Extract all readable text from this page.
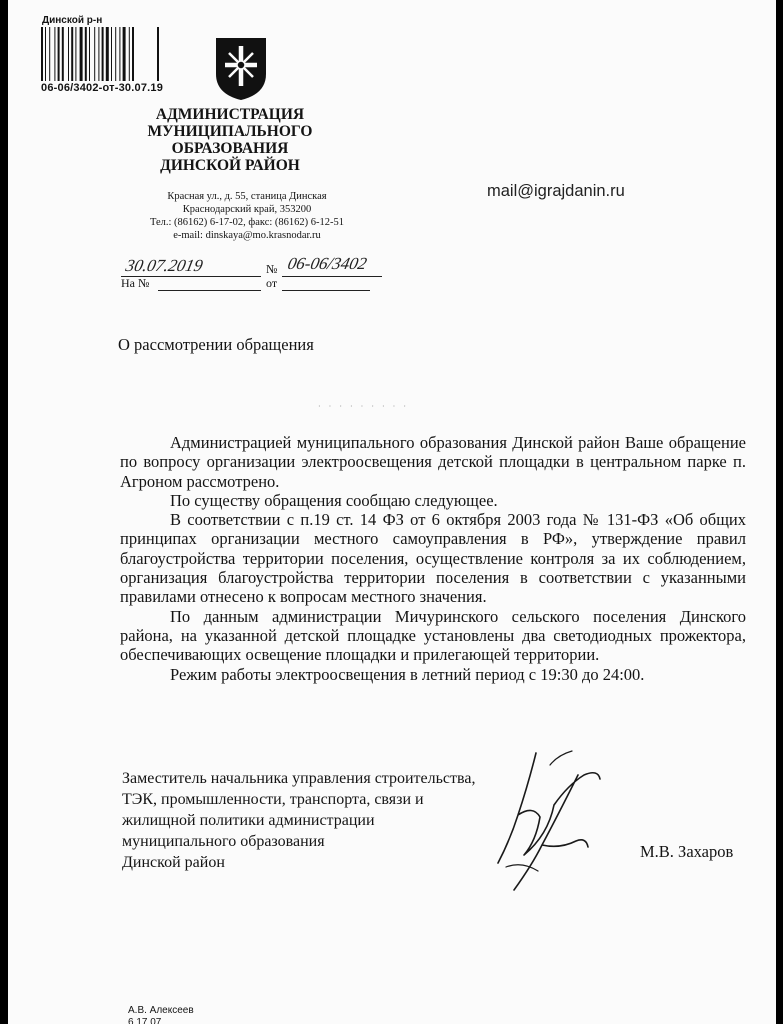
Динской р-н
06-06/3402-от-30.07.19
АДМИНИСТРАЦИЯ
МУНИЦИПАЛЬНОГО
ОБРАЗОВАНИЯ
ДИНСКОЙ РАЙОН
Красная ул., д. 55, станица Динская
Краснодарский край, 353200
Тел.: (86162) 6-17-02, факс: (86162) 6-12-51
e-mail: dinskaya@mo.krasnodar.ru
mail@igrajdanin.ru
30.07.2019	№ 06-06/3402
На №	от
О рассмотрении обращения
· · · · · · · · ·

Администрацией муниципального образования Динской район Ваше обращение по вопросу организации электроосвещения детской площадки в центральном парке п. Агроном рассмотрено.

По существу обращения сообщаю следующее.

В соответствии с п.19 ст. 14 ФЗ от 6 октября 2003 года № 131-ФЗ «Об общих принципах организации местного самоуправления в РФ», утверждение правил благоустройства территории поселения, осуществление контроля за их соблюдением, организация благоустройства территории поселения в соответствии с указанными правилами отнесено к вопросам местного значения.

По данным администрации Мичуринского сельского поселения Динского района, на указанной детской площадке установлены два светодиодных прожектора, обеспечивающих освещение площадки и прилегающей территории.

Режим работы электроосвещения в летний период с 19:30 до 24:00.

Заместитель начальника управления строительства,
ТЭК, промышленности, транспорта, связи и
жилищной политики администрации
муниципального образования
Динской район
М.В. Захаров
А.В. Алексеев
6 17 07
